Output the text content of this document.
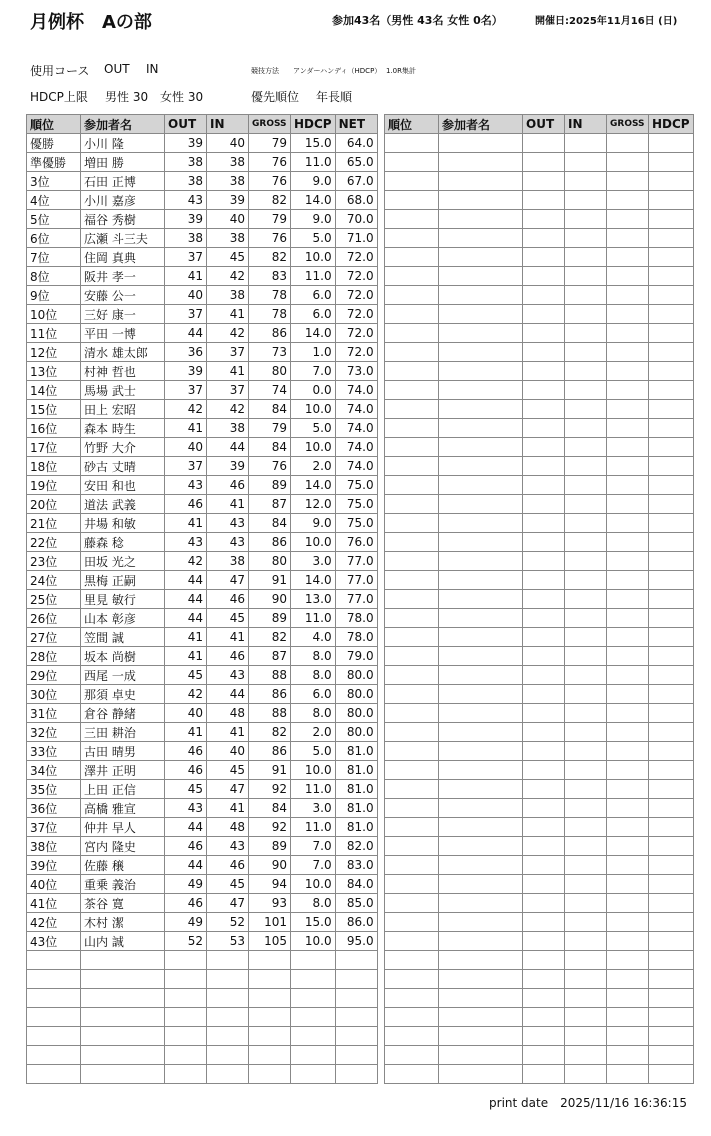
月例杯　Aの部	参加43名（男性 43名 女性 0名）	開催日:2025年11月16日 (日)
使用コース OUT IN	競技方法 アンダーハンディ（HDCP） 1.0R集計
HDCP上限 男性 30 女性 30	優先順位 年長順
順位	参加者名	OUT	IN	GROSS	HDCP	NET
優勝	小川 隆	39	40	79	15.0	64.0
準優勝	増田 勝	38	38	76	11.0	65.0
3位	石田 正博	38	38	76	9.0	67.0
4位	小川 嘉彦	43	39	82	14.0	68.0
5位	福谷 秀樹	39	40	79	9.0	70.0
6位	広瀬 斗三夫	38	38	76	5.0	71.0
7位	住岡 真典	37	45	82	10.0	72.0
8位	阪井 孝一	41	42	83	11.0	72.0
9位	安藤 公一	40	38	78	6.0	72.0
10位	三好 康一	37	41	78	6.0	72.0
11位	平田 一博	44	42	86	14.0	72.0
12位	清水 雄太郎	36	37	73	1.0	72.0
13位	村神 哲也	39	41	80	7.0	73.0
14位	馬場 武士	37	37	74	0.0	74.0
15位	田上 宏昭	42	42	84	10.0	74.0
16位	森本 時生	41	38	79	5.0	74.0
17位	竹野 大介	40	44	84	10.0	74.0
18位	砂古 丈晴	37	39	76	2.0	74.0
19位	安田 和也	43	46	89	14.0	75.0
20位	道法 武義	46	41	87	12.0	75.0
21位	井場 和敏	41	43	84	9.0	75.0
22位	藤森 稔	43	43	86	10.0	76.0
23位	田坂 光之	42	38	80	3.0	77.0
24位	黒梅 正嗣	44	47	91	14.0	77.0
25位	里見 敏行	44	46	90	13.0	77.0
26位	山本 彰彦	44	45	89	11.0	78.0
27位	笠間 誠	41	41	82	4.0	78.0
28位	坂本 尚樹	41	46	87	8.0	79.0
29位	西尾 一成	45	43	88	8.0	80.0
30位	那須 卓史	42	44	86	6.0	80.0
31位	倉谷 静緒	40	48	88	8.0	80.0
32位	三田 耕治	41	41	82	2.0	80.0
33位	古田 晴男	46	40	86	5.0	81.0
34位	澤井 正明	46	45	91	10.0	81.0
35位	上田 正信	45	47	92	11.0	81.0
36位	高橋 雅宣	43	41	84	3.0	81.0
37位	仲井 早人	44	48	92	11.0	81.0
38位	宮内 隆史	46	43	89	7.0	82.0
39位	佐藤 穣	44	46	90	7.0	83.0
40位	重乗 義治	49	45	94	10.0	84.0
41位	茶谷 寛	46	47	93	8.0	85.0
42位	木村 潔	49	52	101	15.0	86.0
43位	山内 誠	52	53	105	10.0	95.0

順位	参加者名	OUT	IN	GROSS	HDCP

print date　2025/11/16 16:36:15
